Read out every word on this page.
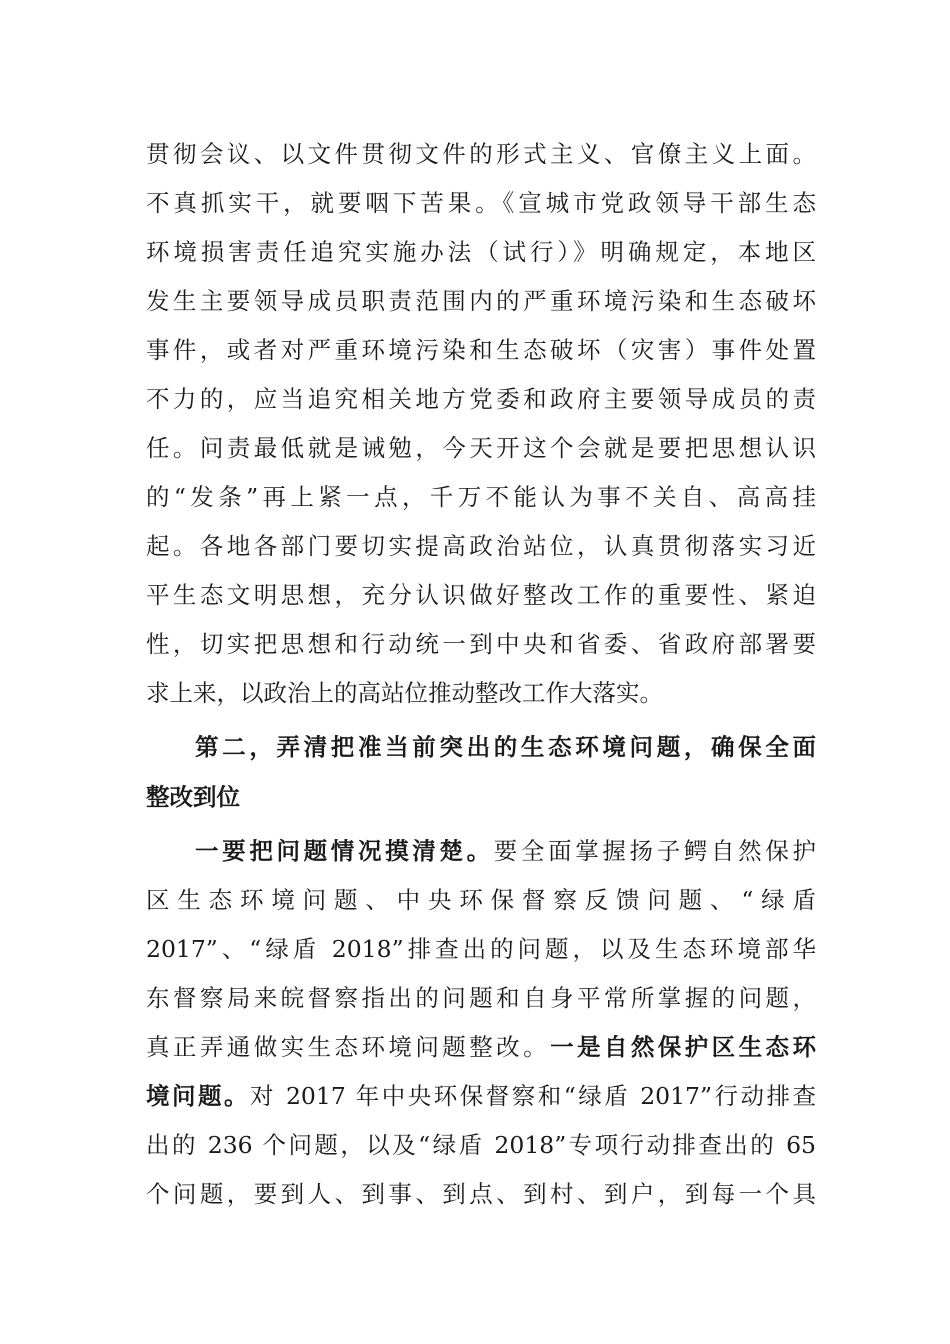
贯彻会议、以文件贯彻文件的形式主义、官僚主义上面。
不真抓实干，就要咽下苦果。《宣城市党政领导干部生态
环境损害责任追究实施办法（试行）》明确规定，本地区
发生主要领导成员职责范围内的严重环境污染和生态破坏
事件，或者对严重环境污染和生态破坏（灾害）事件处置
不力的，应当追究相关地方党委和政府主要领导成员的责
任。问责最低就是诫勉，今天开这个会就是要把思想认识
的“发条”再上紧一点，千万不能认为事不关自、高高挂
起。各地各部门要切实提高政治站位，认真贯彻落实习近
平生态文明思想，充分认识做好整改工作的重要性、紧迫
性，切实把思想和行动统一到中央和省委、省政府部署要
求上来，以政治上的高站位推动整改工作大落实。
第二，弄清把准当前突出的生态环境问题，确保全面
整改到位
一要把问题情况摸清楚。要全面掌握扬子鳄自然保护
区生态环境问题、中央环保督察反馈问题、“绿盾
2017”、“绿盾 2018”排查出的问题，以及生态环境部华
东督察局来皖督察指出的问题和自身平常所掌握的问题，
真正弄通做实生态环境问题整改。一是自然保护区生态环
境问题。对 2017 年中央环保督察和“绿盾 2017”行动排查
出的 236 个问题，以及“绿盾 2018”专项行动排查出的 65
个问题，要到人、到事、到点、到村、到户，到每一个具
